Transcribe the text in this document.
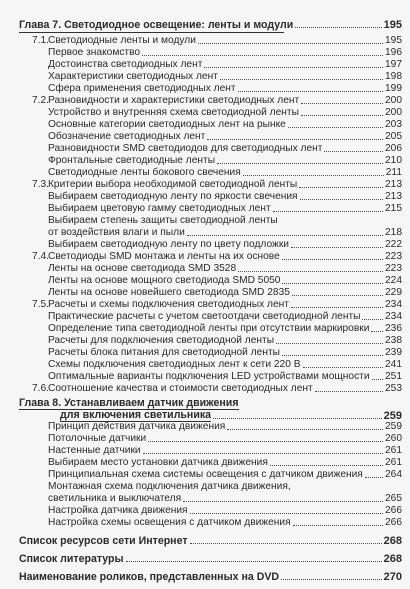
Глава 7. Светодиодное освещение: ленты и модули	195
7.1. Светодиодные ленты и модули	195
Первое знакомство	196
Достоинства светодиодных лент	197
Характеристики светодиодных лент	198
Сфера применения светодиодных лент	199
7.2. Разновидности и характеристики светодиодных лент	200
Устройство и внутренняя схема светодиодной ленты	200
Основные категории светодиодных лент на рынке	203
Обозначение светодиодных лент	205
Разновидности SMD светодиодов для светодиодных лент	206
Фронтальные светодиодные ленты	210
Светодиодные ленты бокового свечения	211
7.3. Критерии выбора необходимой светодиодной ленты	213
Выбираем светодиодную ленту по яркости свечения	213
Выбираем цветовую гамму светодиодных лент	215
Выбираем степень защиты светодиодной ленты
от воздействия влаги и пыли	218
Выбираем светодиодную ленту по цвету подложки	222
7.4. Светодиоды SMD монтажа и ленты на их основе	223
Ленты на основе светодиода SMD 3528	223
Ленты на основе мощного светодиода SMD 5050	224
Ленты на основе новейшего светодиода SMD 2835	229
7.5. Расчеты и схемы подключения светодиодных лент	234
Практические расчеты с учетом светоотдачи светодиодной ленты 234
Определение типа светодиодной ленты при отсутствии маркировки 236
Расчеты для подключения светодиодной ленты	238
Расчеты блока питания для светодиодной ленты	239
Схемы подключения светодиодных лент к сети 220 В	241
Оптимальные варианты подключения LED устройствами мощности 251
7.6. Соотношение качества и стоимости светодиодных лент	253
Глава 8. Устанавливаем датчик движения
для включения светильника	259
Принцип действия датчика движения	259
Потолочные датчики	260
Настенные датчики	261
Выбираем место установки датчика движения	261
Принципиальная схема системы освещения с датчиком движения 264
Монтажная схема подключения датчика движения,
светильника и выключателя	265
Настройка датчика движения	266
Настройка схемы освещения с датчиком движения	266
Список ресурсов сети Интернет	268
Список литературы	268
Наименование роликов, представленных на DVD	270
